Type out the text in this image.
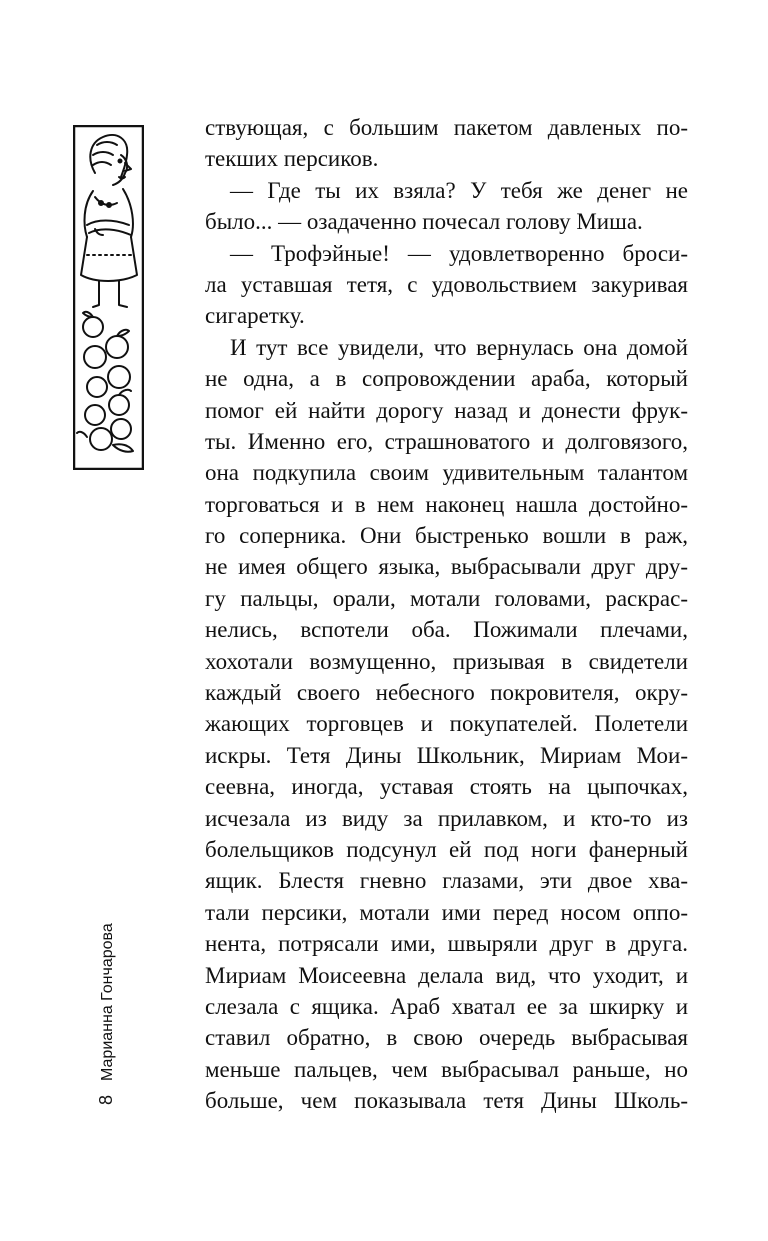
ствующая, с большим пакетом давленых по-
текших персиков.
— Где ты их взяла? У тебя же денег не
было... — озадаченно почесал голову Миша.
— Трофэйные! — удовлетворенно броси-
ла уставшая тетя, с удовольствием закуривая
сигаретку.
И тут все увидели, что вернулась она домой
не одна, а в сопровождении араба, который
помог ей найти дорогу назад и донести фрук-
ты. Именно его, страшноватого и долговязого,
она подкупила своим удивительным талантом
торговаться и в нем наконец нашла достойно-
го соперника. Они быстренько вошли в раж,
не имея общего языка, выбрасывали друг дру-
гу пальцы, орали, мотали головами, раскрас-
нелись, вспотели оба. Пожимали плечами,
хохотали возмущенно, призывая в свидетели
каждый своего небесного покровителя, окру-
жающих торговцев и покупателей. Полетели
искры. Тетя Дины Школьник, Мириам Мои-
сеевна, иногда, уставая стоять на цыпочках,
исчезала из виду за прилавком, и кто-то из
болельщиков подсунул ей под ноги фанерный
ящик. Блестя гневно глазами, эти двое хва-
тали персики, мотали ими перед носом оппо-
нента, потрясали ими, швыряли друг в друга.
Мириам Моисеевна делала вид, что уходит, и
слезала с ящика. Араб хватал ее за шкирку и
ставил обратно, в свою очередь выбрасывая
меньше пальцев, чем выбрасывал раньше, но
больше, чем показывала тетя Дины Школь-
8Марианна Гончарова
